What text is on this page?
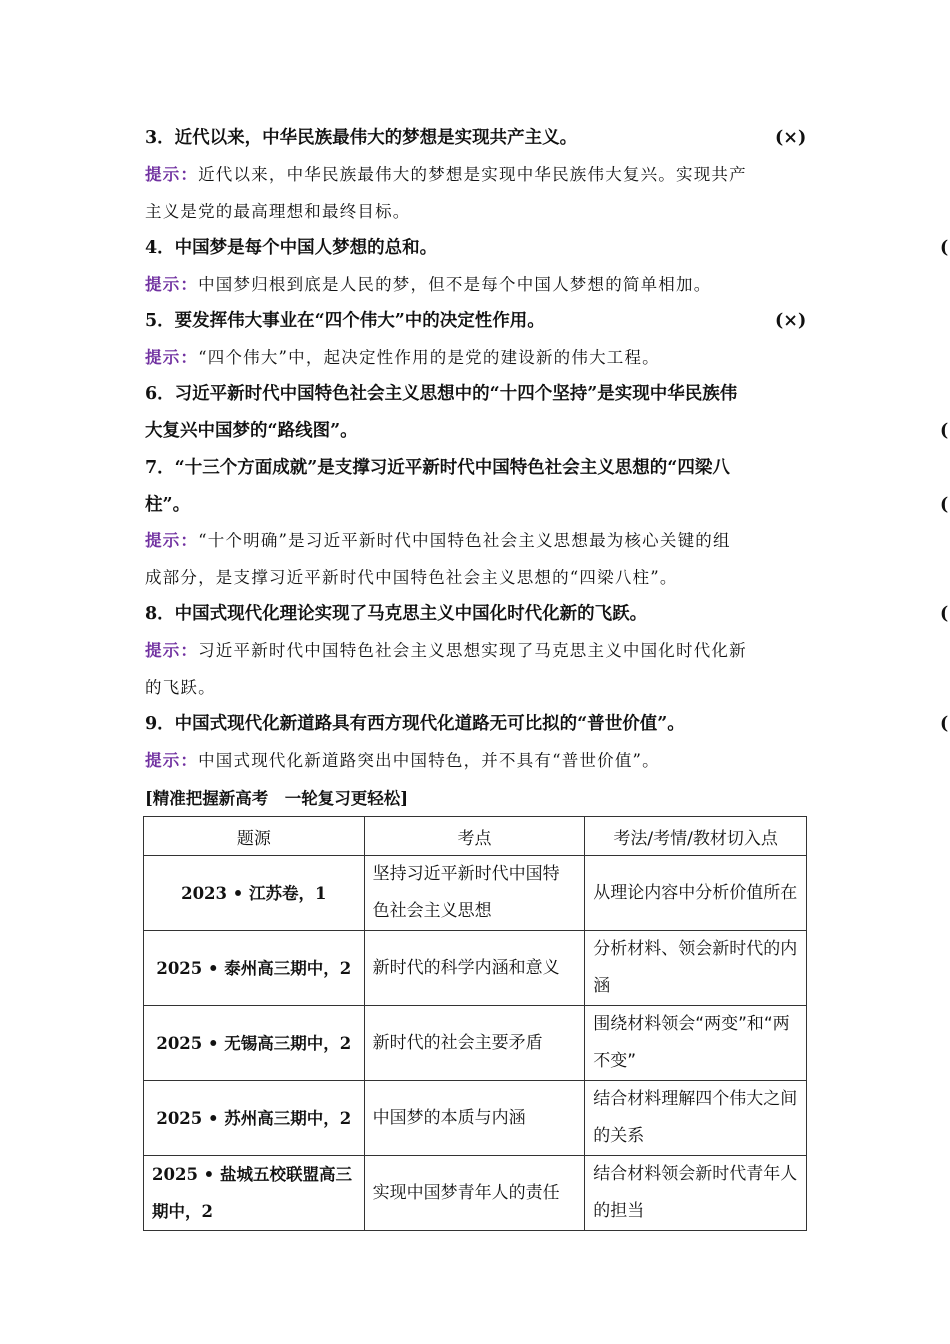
3．近代以来，中华民族最伟大的梦想是实现共产主义。	(×)
提示：近代以来，中华民族最伟大的梦想是实现中华民族伟大复兴。实现共产
主义是党的最高理想和最终目标。
4．中国梦是每个中国人梦想的总和。	(
提示：中国梦归根到底是人民的梦，但不是每个中国人梦想的简单相加。
5．要发挥伟大事业在“四个伟大”中的决定性作用。	(×)
提示：“四个伟大”中，起决定性作用的是党的建设新的伟大工程。
6．习近平新时代中国特色社会主义思想中的“十四个坚持”是实现中华民族伟
大复兴中国梦的“路线图”。	(
7．“十三个方面成就”是支撑习近平新时代中国特色社会主义思想的“四梁八
柱”。	(
提示：“十个明确”是习近平新时代中国特色社会主义思想最为核心关键的组
成部分，是支撑习近平新时代中国特色社会主义思想的“四梁八柱”。
8．中国式现代化理论实现了马克思主义中国化时代化新的飞跃。	(
提示：习近平新时代中国特色社会主义思想实现了马克思主义中国化时代化新
的飞跃。
9．中国式现代化新道路具有西方现代化道路无可比拟的“普世价值”。	(
提示：中国式现代化新道路突出中国特色，并不具有“普世价值”。
[精准把握新高考　一轮复习更轻松]
题源	考点	考法/考情/教材切入点
2023 • 江苏卷，1	坚持习近平新时代中国特色社会主义思想	从理论内容中分析价值所在
2025 • 泰州高三期中，2	新时代的科学内涵和意义	分析材料、领会新时代的内涵
2025 • 无锡高三期中，2	新时代的社会主要矛盾	围绕材料领会“两变”和“两不变”
2025 • 苏州高三期中，2	中国梦的本质与内涵	结合材料理解四个伟大之间的关系
2025 • 盐城五校联盟高三期中，2	实现中国梦青年人的责任	结合材料领会新时代青年人的担当
